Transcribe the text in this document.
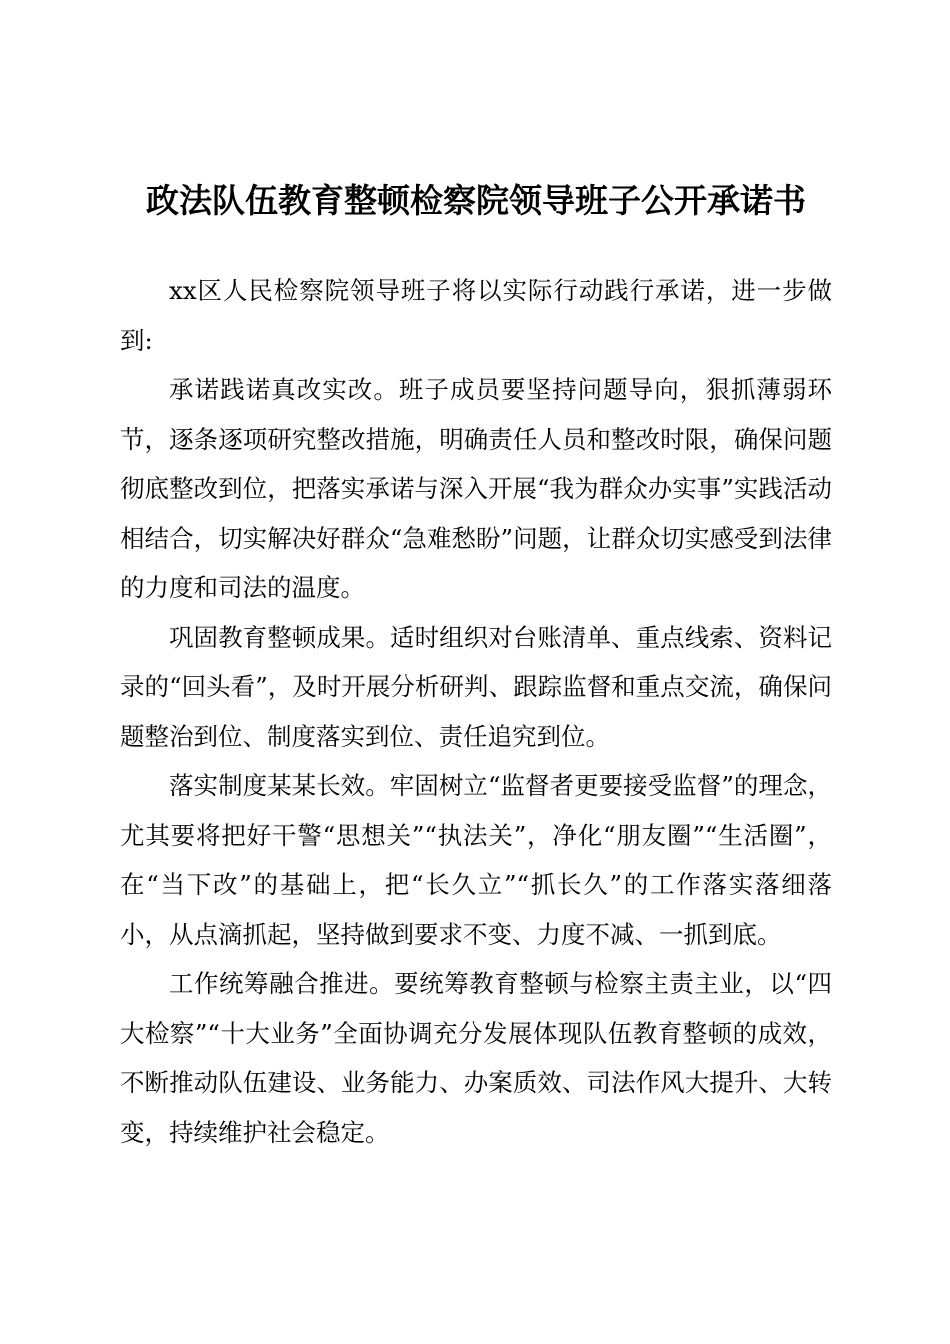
政法队伍教育整顿检察院领导班子公开承诺书

xx区人民检察院领导班子将以实际行动践行承诺，进一步做到:

承诺践诺真改实改。班子成员要坚持问题导向，狠抓薄弱环节，逐条逐项研究整改措施，明确责任人员和整改时限，确保问题彻底整改到位，把落实承诺与深入开展“我为群众办实事”实践活动相结合，切实解决好群众“急难愁盼”问题，让群众切实感受到法律的力度和司法的温度。

巩固教育整顿成果。适时组织对台账清单、重点线索、资料记录的“回头看”，及时开展分析研判、跟踪监督和重点交流，确保问题整治到位、制度落实到位、责任追究到位。

落实制度某某长效。牢固树立“监督者更要接受监督”的理念，尤其要将把好干警“思想关”“执法关”，净化“朋友圈”“生活圈”，在“当下改”的基础上，把“长久立”“抓长久”的工作落实落细落小，从点滴抓起，坚持做到要求不变、力度不减、一抓到底。

工作统筹融合推进。要统筹教育整顿与检察主责主业，以“四大检察”“十大业务”全面协调充分发展体现队伍教育整顿的成效，不断推动队伍建设、业务能力、办案质效、司法作风大提升、大转变，持续维护社会稳定。
